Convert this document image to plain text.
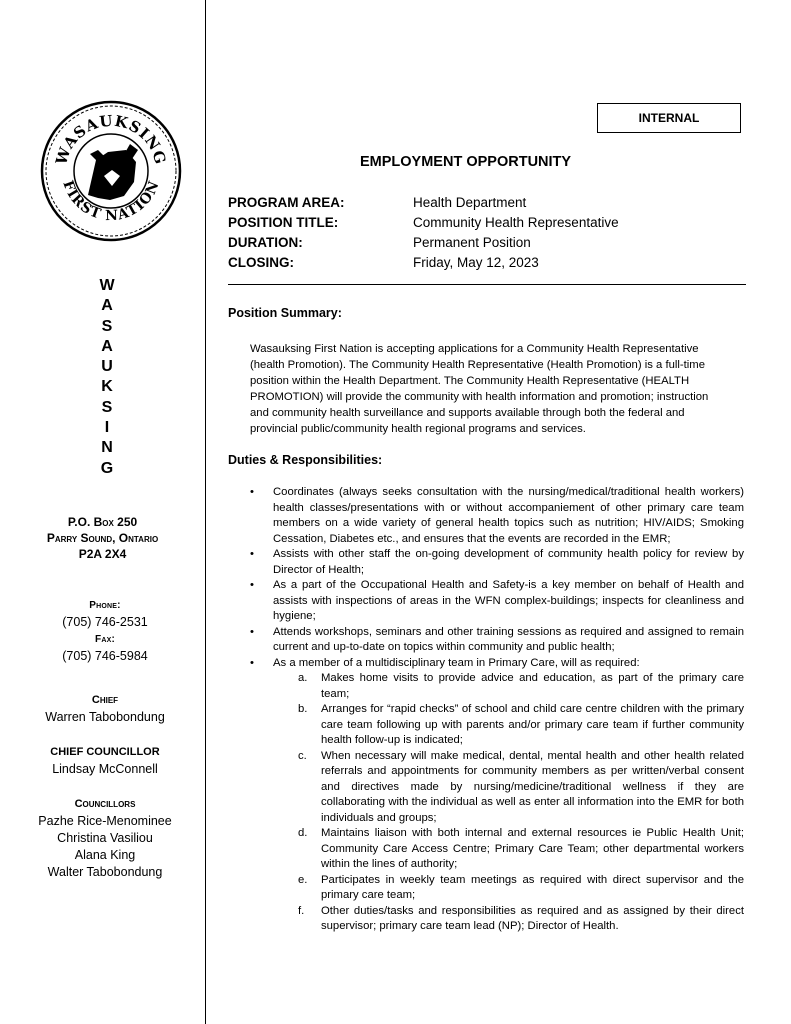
WASAUKSING
FIRST NATION
W
A
S
A
U
K
S
I
N
G
P.O. Box 250
Parry Sound, Ontario
P2A 2X4
Phone:
(705) 746-2531
Fax:
(705) 746-5984
Chief
Warren Tabobondung
CHIEF COUNCILLOR
Lindsay McConnell
Councillors
Pazhe Rice-Menominee
Christina Vasiliou
Alana King
Walter Tabobondung
INTERNAL
EMPLOYMENT OPPORTUNITY
PROGRAM AREA:	Health Department
POSITION TITLE:	Community Health Representative
DURATION:	Permanent Position
CLOSING:	Friday, May 12, 2023
Position Summary:
Wasauksing First Nation is accepting applications for a Community Health Representative (health Promotion). The Community Health Representative (Health Promotion) is a full-time position within the Health Department. The Community Health Representative (HEALTH PROMOTION) will provide the community with health information and promotion; instruction and community health surveillance and supports available through both the federal and provincial public/community health regional programs and services.
Duties & Responsibilities:
• Coordinates (always seeks consultation with the nursing/medical/traditional health workers) health classes/presentations with or without accompaniement of other primary care team members on a wide variety of general health topics such as nutrition; HIV/AIDS; Smoking Cessation, Diabetes etc., and ensures that the events are recorded in the EMR;
• Assists with other staff the on-going development of community health policy for review by Director of Health;
• As a part of the Occupational Health and Safety-is a key member on behalf of Health and assists with inspections of areas in the WFN complex-buildings; inspects for cleanliness and hygiene;
• Attends workshops, seminars and other training sessions as required and assigned to remain current and up-to-date on topics within community and public health;
• As a member of a multidisciplinary team in Primary Care, will as required:
a. Makes home visits to provide advice and education, as part of the primary care team;
b. Arranges for “rapid checks” of school and child care centre children with the primary care team following up with parents and/or primary care team if further community health follow-up is indicated;
c. When necessary will make medical, dental, mental health and other health related referrals and appointments for community members as per written/verbal consent and directives made by nursing/medicine/traditional wellness if they are collaborating with the individual as well as enter all information into the EMR for both individuals and groups;
d. Maintains liaison with both internal and external resources ie Public Health Unit; Community Care Access Centre; Primary Care Team; other departmental workers within the lines of authority;
e. Participates in weekly team meetings as required with direct supervisor and the primary care team;
f. Other duties/tasks and responsibilities as required and as assigned by their direct supervisor; primary care team lead (NP); Director of Health.
